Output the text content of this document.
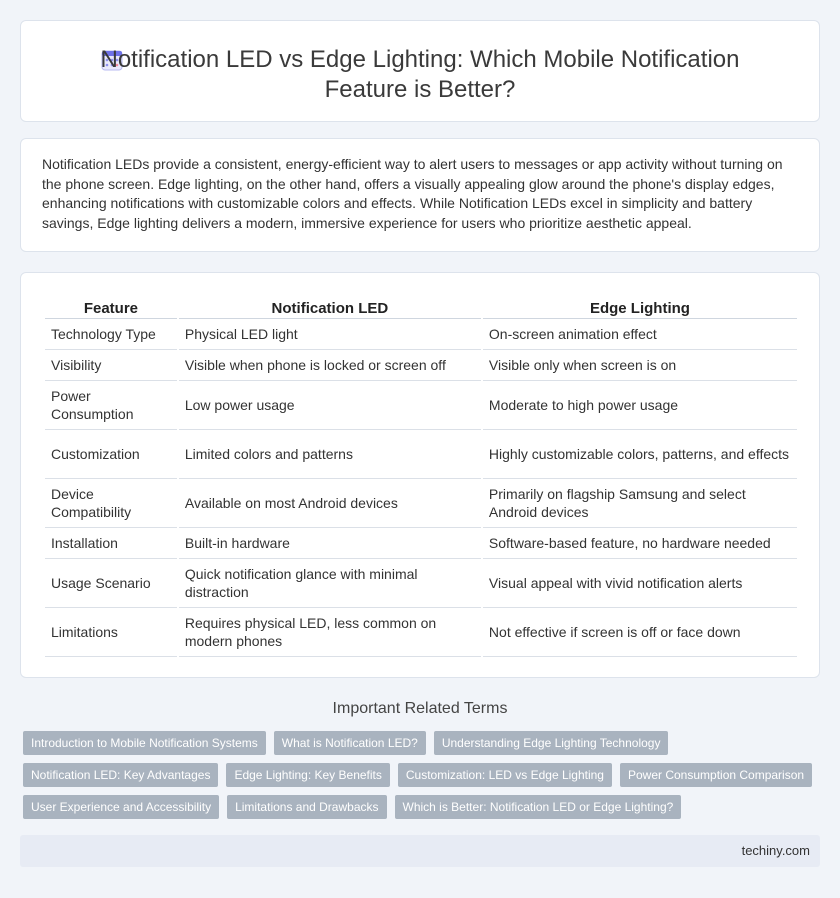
Notification LED vs Edge Lighting: Which Mobile Notification Feature is Better?

Notification LEDs provide a consistent, energy-efficient way to alert users to messages or app activity without turning on the phone screen. Edge lighting, on the other hand, offers a visually appealing glow around the phone's display edges, enhancing notifications with customizable colors and effects. While Notification LEDs excel in simplicity and battery savings, Edge lighting delivers a modern, immersive experience for users who prioritize aesthetic appeal.

Feature	Notification LED	Edge Lighting
Technology Type	Physical LED light	On-screen animation effect
Visibility	Visible when phone is locked or screen off	Visible only when screen is on
Power Consumption	Low power usage	Moderate to high power usage
Customization	Limited colors and patterns	Highly customizable colors, patterns, and effects
Device Compatibility	Available on most Android devices	Primarily on flagship Samsung and select Android devices
Installation	Built-in hardware	Software-based feature, no hardware needed
Usage Scenario	Quick notification glance with minimal distraction	Visual appeal with vivid notification alerts
Limitations	Requires physical LED, less common on modern phones	Not effective if screen is off or face down
Important Related Terms
Introduction to Mobile Notification Systems	What is Notification LED?	Understanding Edge Lighting Technology
Notification LED: Key Advantages	Edge Lighting: Key Benefits	Customization: LED vs Edge Lighting	Power Consumption Comparison
User Experience and Accessibility	Limitations and Drawbacks	Which is Better: Notification LED or Edge Lighting?
techiny.com
